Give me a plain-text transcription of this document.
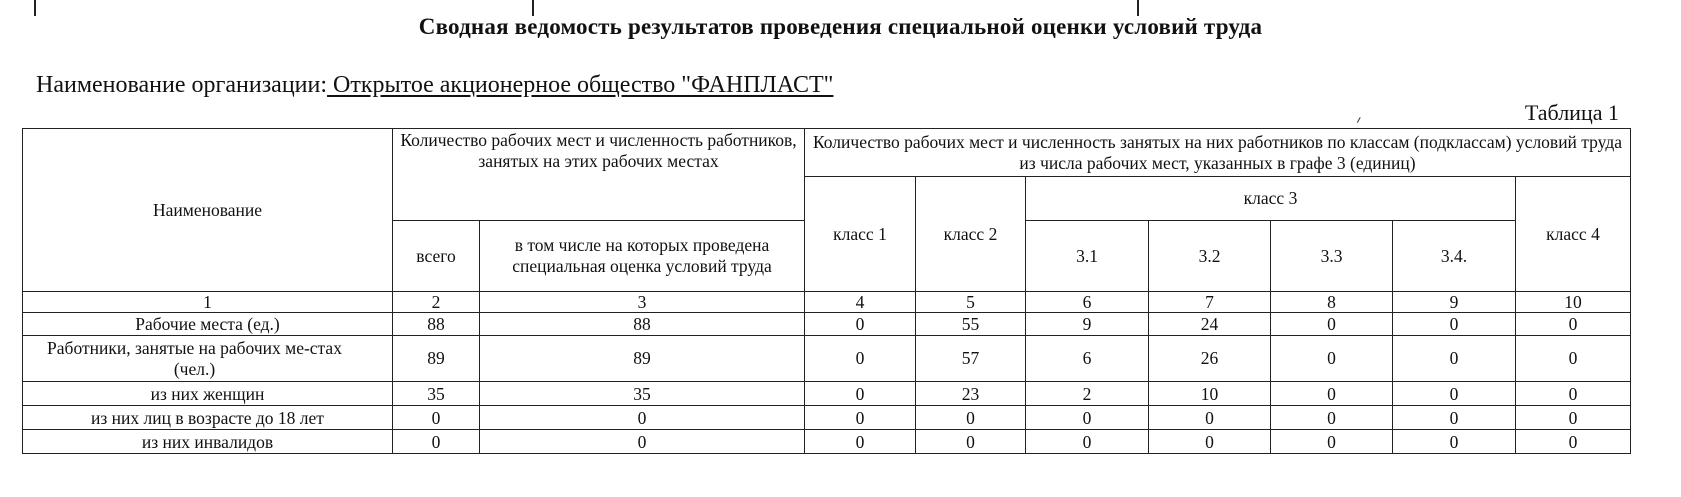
Сводная ведомость результатов проведения специальной оценки условий труда
Наименование организации: Открытое акционерное общество "ФАНПЛАСТ"
Таблица 1
Наименование	Количество рабочих мест и численность работников, занятых на этих рабочих местах		Количество рабочих мест и численность занятых на них работников по классам (подклассам) условий труда из числа рабочих мест, указанных в графе 3 (единиц)						
			класс 1	класс 2	класс 3				класс 4
	всего	в том числе на которых проведена специальная оценка условий труда			3.1	3.2	3.3	3.4.	
1	2	3	4	5	6	7	8	9	10
Рабочие места (ед.)	88	88	0	55	9	24	0	0	0
Работники, занятые на рабочих ме-стах (чел.)	89	89	0	57	6	26	0	0	0
из них женщин	35	35	0	23	2	10	0	0	0
из них лиц в возрасте до 18 лет	0	0	0	0	0	0	0	0	0
из них инвалидов	0	0	0	0	0	0	0	0	0
